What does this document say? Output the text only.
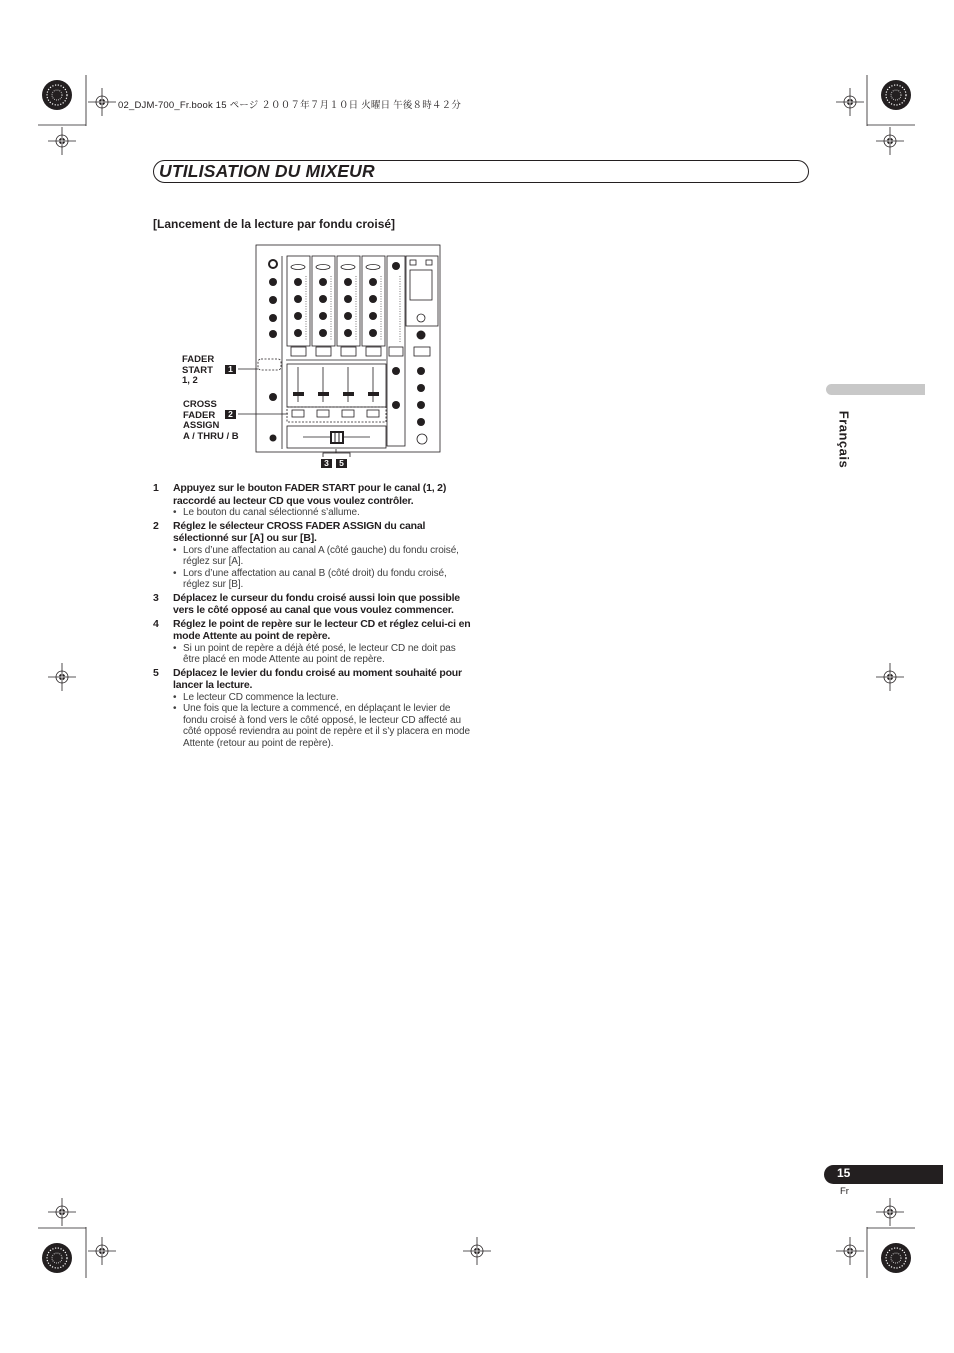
02_DJM-700_Fr.book 15 ページ ２００７年７月１０日 火曜日 午後８時４２分
UTILISATION DU MIXEUR
Français
[Lancement de la lecture par fondu croisé]
FADER
START
1, 2
1
CROSS
FADER
ASSIGN
A / THRU / B
2
3	5
1 Appuyez sur le bouton FADER START pour le canal (1, 2) raccordé au lecteur CD que vous voulez contrôler.
• Le bouton du canal sélectionné s’allume.
2 Réglez le sélecteur CROSS FADER ASSIGN du canal sélectionné sur [A] ou sur [B].
• Lors d’une affectation au canal A (côté gauche) du fondu croisé, réglez sur [A].
• Lors d’une affectation au canal B (côté droit) du fondu croisé, réglez sur [B].
3 Déplacez le curseur du fondu croisé aussi loin que possible vers le côté opposé au canal que vous voulez commencer.
4 Réglez le point de repère sur le lecteur CD et réglez celui-ci en mode Attente au point de repère.
• Si un point de repère a déjà été posé, le lecteur CD ne doit pas être placé en mode Attente au point de repère.
5 Déplacez le levier du fondu croisé au moment souhaité pour lancer la lecture.
• Le lecteur CD commence la lecture.
• Une fois que la lecture a commencé, en déplaçant le levier de fondu croisé à fond vers le côté opposé, le lecteur CD affecté au côté opposé reviendra au point de repère et il s’y placera en mode Attente (retour au point de repère).
15
Fr
